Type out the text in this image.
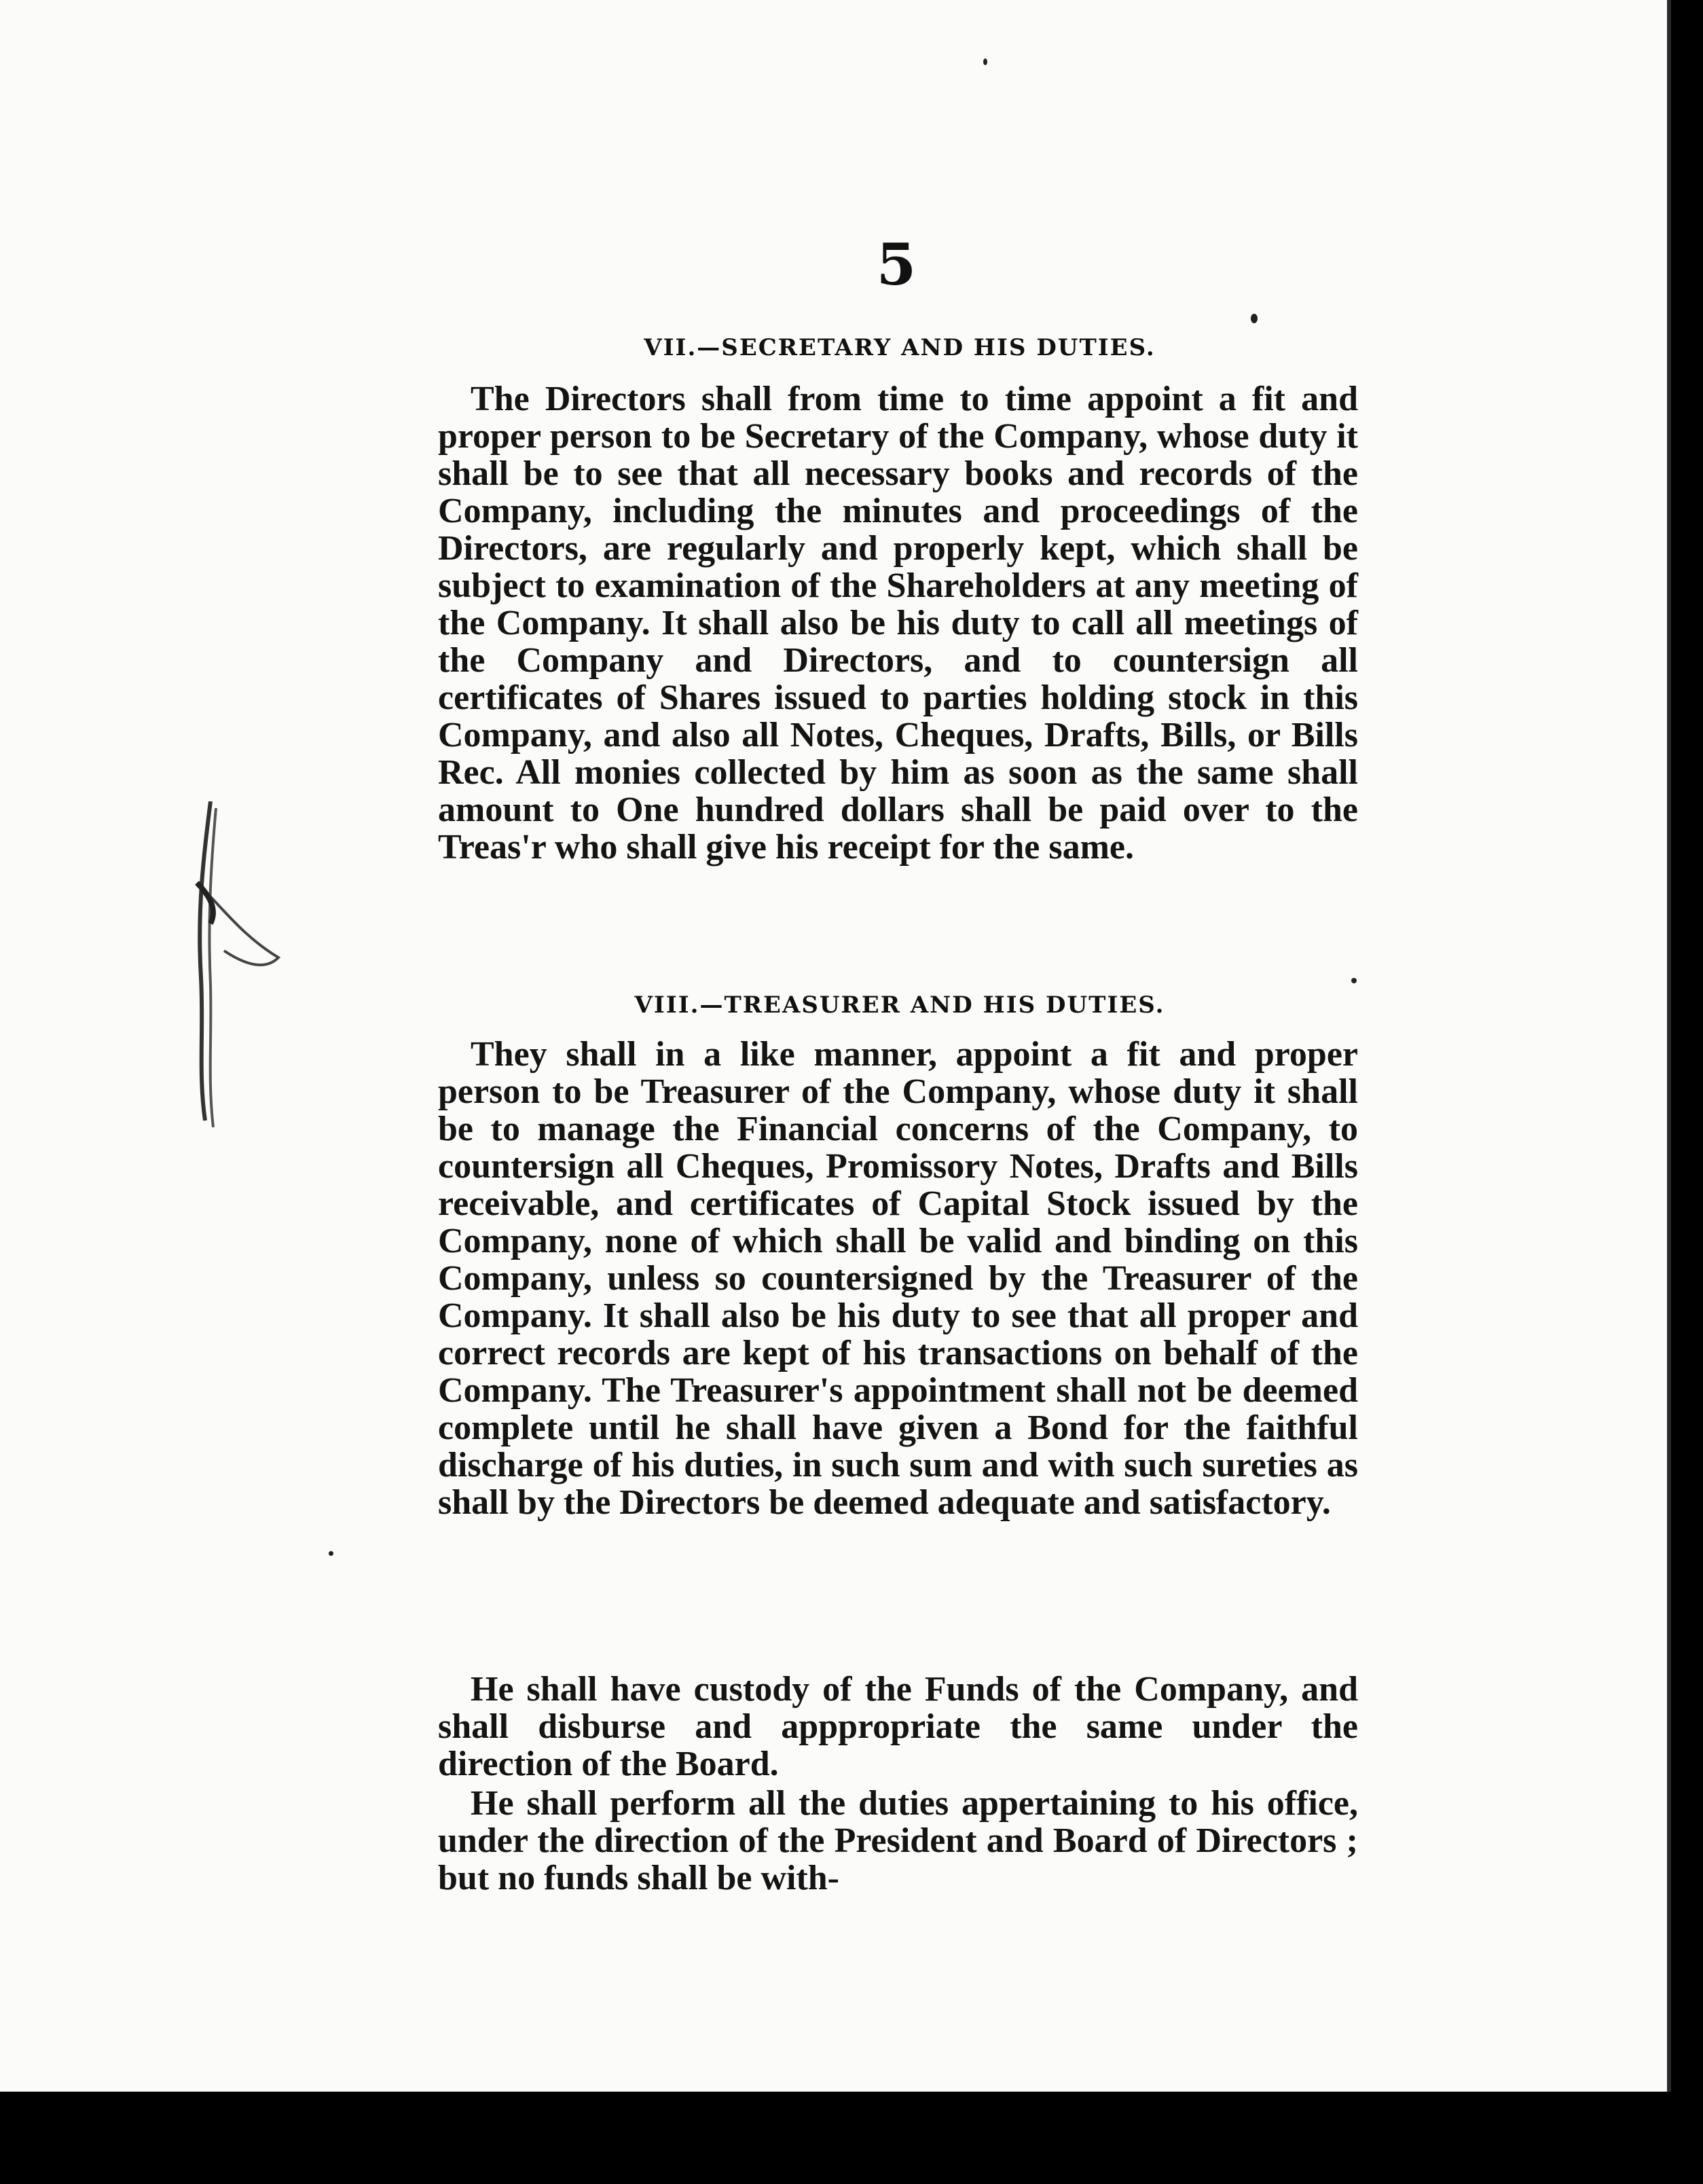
5
VII.—SECRETARY AND HIS DUTIES.

The Directors shall from time to time appoint a fit and proper person to be Secretary of the Company, whose duty it shall be to see that all necessary books and records of the Company, including the minutes and proceedings of the Directors, are regularly and properly kept, which shall be subject to examination of the Shareholders at any meeting of the Company. It shall also be his duty to call all meetings of the Company and Directors, and to countersign all certificates of Shares issued to parties holding stock in this Company, and also all Notes, Cheques, Drafts, Bills, or Bills Rec. All monies collected by him as soon as the same shall amount to One hundred dollars shall be paid over to the Treas'r who shall give his receipt for the same.

VIII.—TREASURER AND HIS DUTIES.

They shall in a like manner, appoint a fit and proper person to be Treasurer of the Company, whose duty it shall be to manage the Financial concerns of the Company, to countersign all Cheques, Promissory Notes, Drafts and Bills receivable, and certificates of Capital Stock issued by the Company, none of which shall be valid and binding on this Company, unless so countersigned by the Treasurer of the Company. It shall also be his duty to see that all proper and correct records are kept of his transactions on behalf of the Company. The Treasurer's appointment shall not be deemed complete until he shall have given a Bond for the faithful discharge of his duties, in such sum and with such sureties as shall by the Directors be deemed adequate and satisfactory.

He shall have custody of the Funds of the Company, and shall disburse and apppropriate the same under the direction of the Board.

He shall perform all the duties appertaining to his office, under the direction of the President and Board of Directors ; but no funds shall be with-
